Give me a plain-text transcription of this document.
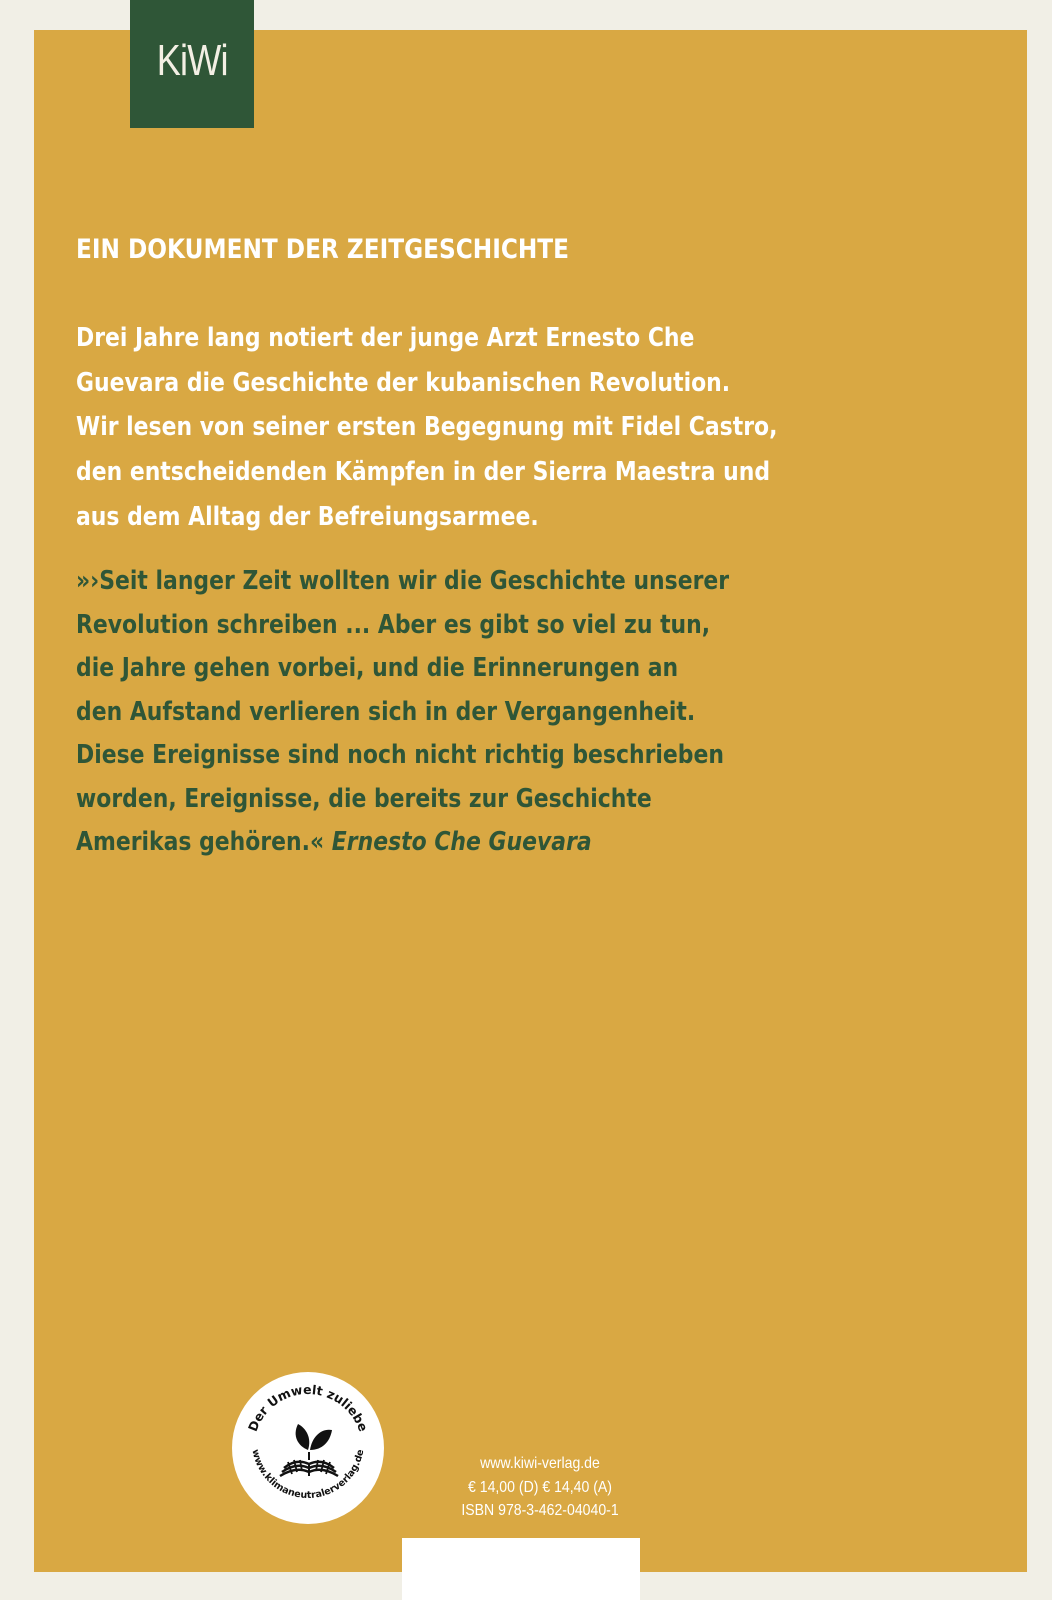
KiWi
EIN DOKUMENT DER ZEITGESCHICHTE

Drei Jahre lang notiert der junge Arzt Ernesto Che
Guevara die Geschichte der kubanischen Revolution.
Wir lesen von seiner ersten Begegnung mit Fidel Castro,
den entscheidenden Kämpfen in der Sierra Maestra und
aus dem Alltag der Befreiungsarmee.

»›Seit langer Zeit wollten wir die Geschichte unserer
Revolution schreiben ... Aber es gibt so viel zu tun,
die Jahre gehen vorbei, und die Erinnerungen an
den Aufstand verlieren sich in der Vergangenheit.
Diese Ereignisse sind noch nicht richtig beschrieben
worden, Ereignisse, die bereits zur Geschichte
Amerikas gehören.« Ernesto Che Guevara

Der Umwelt zuliebe
www.klimaneutralerverlag.de
www.kiwi-verlag.de
€ 14,00 (D) € 14,40 (A)
ISBN 978-3-462-04040-1
